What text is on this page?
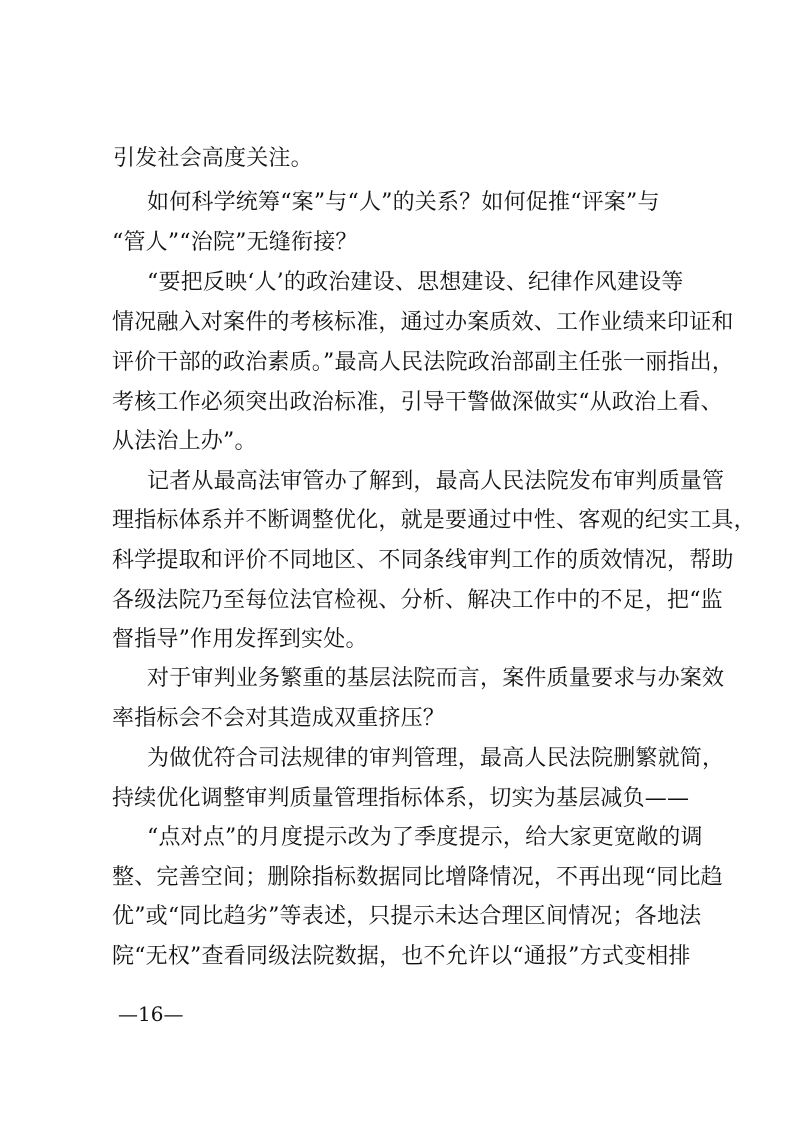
引发社会高度关注。
如何科学统筹“案”与“人”的关系？如何促推“评案”与
“管人”“治院”无缝衔接？
“要把反映‘人’的政治建设、思想建设、纪律作风建设等
情况融入对案件的考核标准，通过办案质效、工作业绩来印证和
评价干部的政治素质。”最高人民法院政治部副主任张一丽指出，
考核工作必须突出政治标准，引导干警做深做实“从政治上看、
从法治上办”。
记者从最高法审管办了解到，最高人民法院发布审判质量管
理指标体系并不断调整优化，就是要通过中性、客观的纪实工具，
科学提取和评价不同地区、不同条线审判工作的质效情况，帮助
各级法院乃至每位法官检视、分析、解决工作中的不足，把“监
督指导”作用发挥到实处。
对于审判业务繁重的基层法院而言，案件质量要求与办案效
率指标会不会对其造成双重挤压？
为做优符合司法规律的审判管理，最高人民法院删繁就简，
持续优化调整审判质量管理指标体系，切实为基层减负——
“点对点”的月度提示改为了季度提示，给大家更宽敞的调
整、完善空间；删除指标数据同比增降情况，不再出现“同比趋
优”或“同比趋劣”等表述，只提示未达合理区间情况；各地法
院“无权”查看同级法院数据，也不允许以“通报”方式变相排
—16—
